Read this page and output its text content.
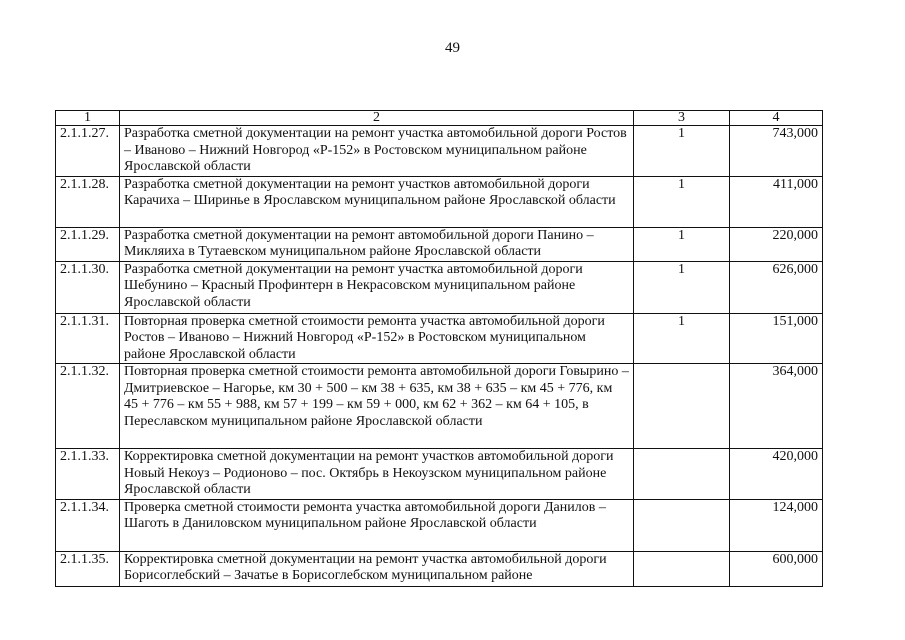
49
1	2	3	4
2.1.1.27.	Разработка сметной документации на ремонт участка автомобильной дороги Ростов – Иваново – Нижний Новгород «Р-152» в Ростовском муниципальном районе Ярославской области	1	743,000
2.1.1.28.	Разработка сметной документации на ремонт участков автомобильной дороги Карачиха – Ширинье в Ярославском муниципальном районе Ярославской области	1	411,000
2.1.1.29.	Разработка сметной документации на ремонт автомобильной дороги Панино – Микляиха в Тутаевском муниципальном районе Ярославской области	1	220,000
2.1.1.30.	Разработка сметной документации на ремонт участка автомобильной дороги Шебунино – Красный Профинтерн в Некрасовском муниципальном районе Ярославской области	1	626,000
2.1.1.31.	Повторная проверка сметной стоимости ремонта участка автомобильной дороги Ростов – Иваново – Нижний Новгород «Р-152» в Ростовском муниципальном районе Ярославской области	1	151,000
2.1.1.32.	Повторная проверка сметной стоимости ремонта автомобильной дороги Говырино – Дмитриевское – Нагорье, км 30 + 500 – км 38 + 635, км 38 + 635 – км 45 + 776, км 45 + 776 – км 55 + 988, км 57 + 199 – км 59 + 000, км 62 + 362 – км 64 + 105, в Переславском муниципальном районе Ярославской области		364,000
2.1.1.33.	Корректировка сметной документации на ремонт участков автомобильной дороги Новый Некоуз – Родионово – пос. Октябрь в Некоузском муниципальном районе Ярославской области		420,000
2.1.1.34.	Проверка сметной стоимости ремонта участка автомобильной дороги Данилов – Шаготь в Даниловском муниципальном районе Ярославской области		124,000
2.1.1.35.	Корректировка сметной документации на ремонт участка автомобильной дороги Борисоглебский – Зачатье в Борисоглебском муниципальном районе		600,000
